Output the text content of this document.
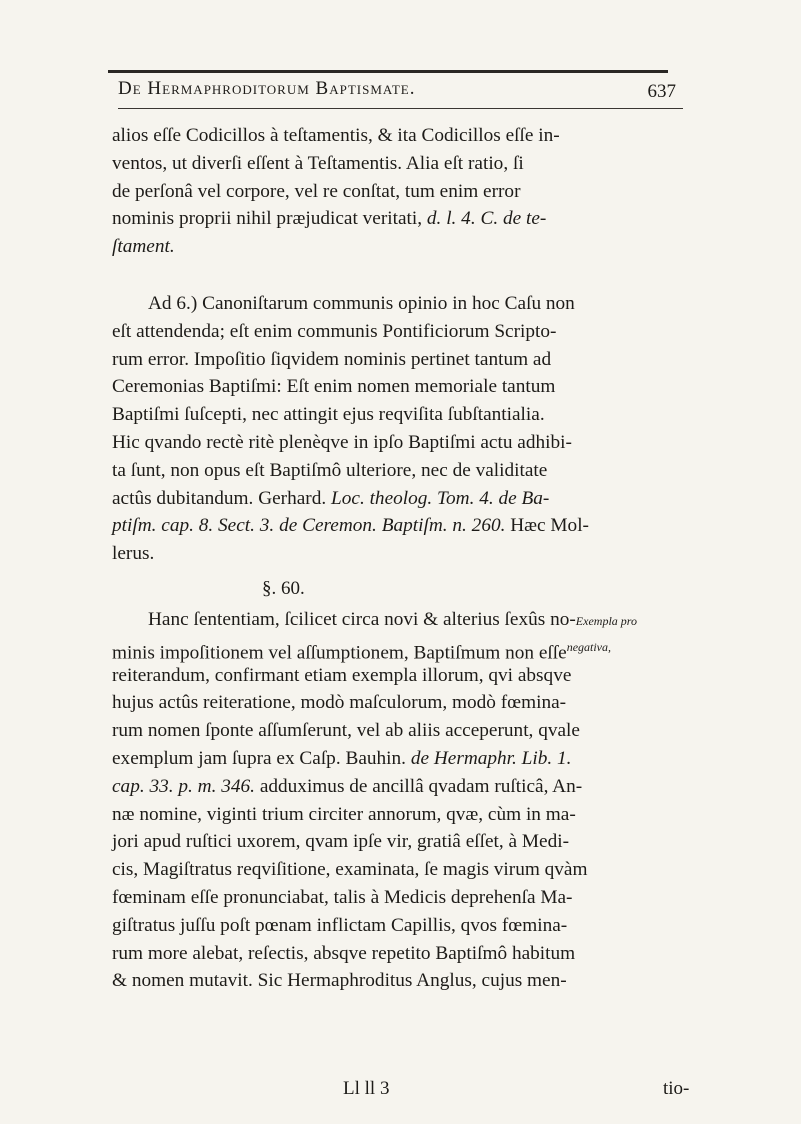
De Hermaphroditorum Baptismate.	637
alios eſſe Codicillos à teſtamentis, & ita Codicillos eſſe in-
ventos, ut diverſi eſſent à Teſtamentis. Alia eſt ratio, ſi
de perſonâ vel corpore, vel re conſtat, tum enim error
nominis proprii nihil præjudicat veritati, d. l. 4. C. de te-
ſtament.
Ad 6.) Canoniſtarum communis opinio in hoc Caſu non
eſt attendenda; eſt enim communis Pontificiorum Scripto-
rum error. Impoſitio ſiqvidem nominis pertinet tantum ad
Ceremonias Baptiſmi: Eſt enim nomen memoriale tantum
Baptiſmi ſuſcepti, nec attingit ejus reqviſita ſubſtantialia.
Hic qvando rectè ritè plenèqve in ipſo Baptiſmi actu adhibi-
ta ſunt, non opus eſt Baptiſmô ulteriore, nec de validitate
actûs dubitandum. Gerhard. Loc. theolog. Tom. 4. de Ba-
ptiſm. cap. 8. Sect. 3. de Ceremon. Baptiſm. n. 260. Hæc Mol-
lerus.
§. 60.
Hanc ſententiam, ſcilicet circa novi & alterius ſexûs no-Exempla pro
minis impoſitionem vel aſſumptionem, Baptiſmum non eſſe$^{negativa,}$
reiterandum, confirmant etiam exempla illorum, qvi absqve
hujus actûs reiteratione, modò maſculorum, modò fœmina-
rum nomen ſponte aſſumſerunt, vel ab aliis acceperunt, qvale
exemplum jam ſupra ex Caſp. Bauhin. de Hermaphr. Lib. 1.
cap. 33. p. m. 346. adduximus de ancillâ qvadam ruſticâ, An-
næ nomine, viginti trium circiter annorum, qvæ, cùm in ma-
jori apud ruſtici uxorem, qvam ipſe vir, gratiâ eſſet, à Medi-
cis, Magiſtratus reqviſitione, examinata, ſe magis virum qvàm
fœminam eſſe pronunciabat, talis à Medicis deprehenſa Ma-
giſtratus juſſu poſt pœnam inflictam Capillis, qvos fœmina-
rum more alebat, reſectis, absqve repetito Baptiſmô habitum
& nomen mutavit. Sic Hermaphroditus Anglus, cujus men-
Ll ll 3	tio-
